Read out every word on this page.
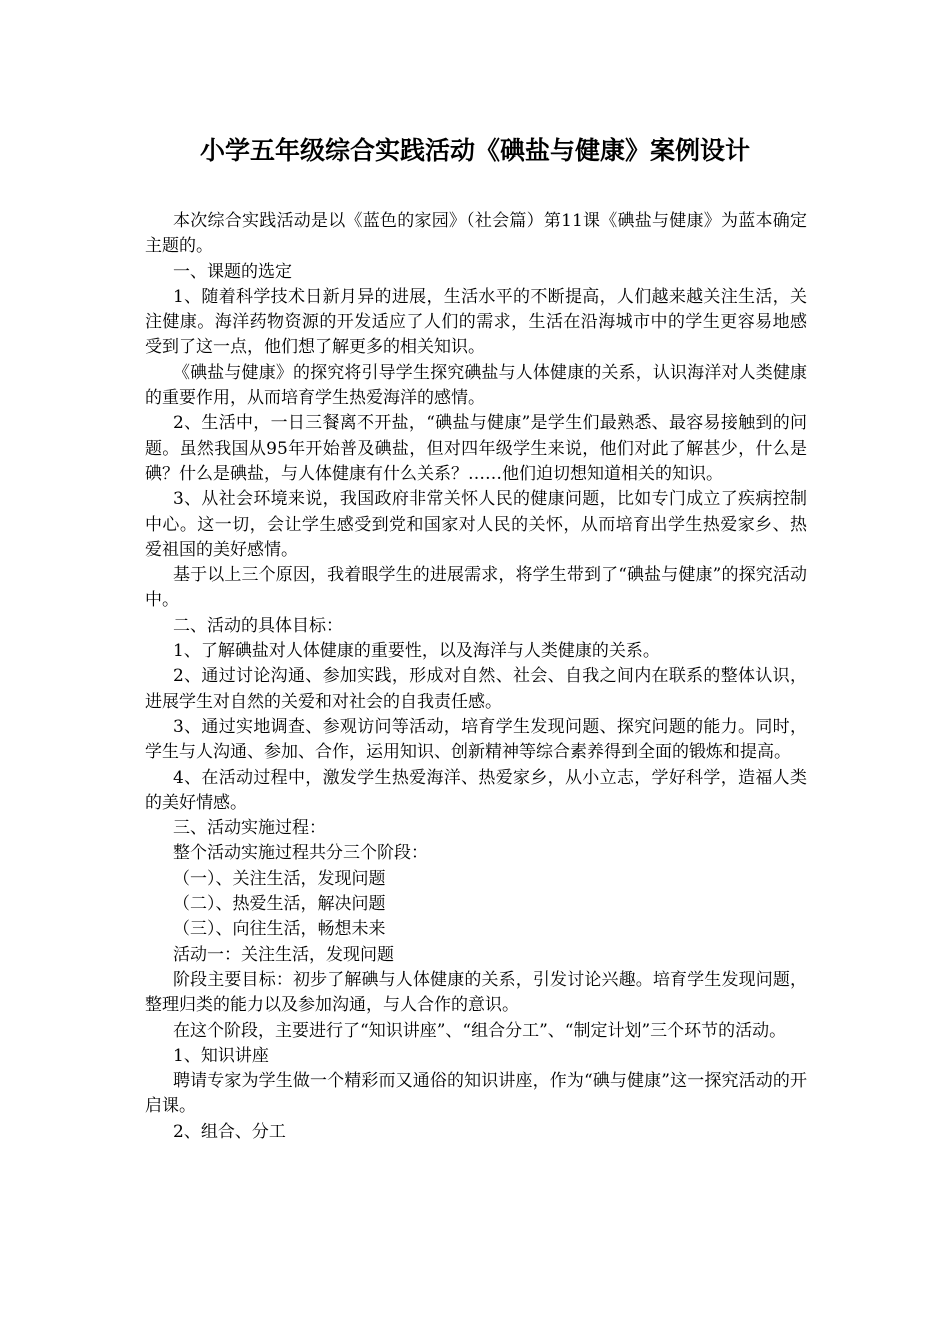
小学五年级综合实践活动《碘盐与健康》案例设计

本次综合实践活动是以《蓝色的家园》（社会篇）第11课《碘盐与健康》为蓝本确定主题的。

一、课题的选定

1、随着科学技术日新月异的进展，生活水平的不断提高，人们越来越关注生活，关注健康。海洋药物资源的开发适应了人们的需求，生活在沿海城市中的学生更容易地感受到了这一点，他们想了解更多的相关知识。

《碘盐与健康》的探究将引导学生探究碘盐与人体健康的关系，认识海洋对人类健康的重要作用，从而培育学生热爱海洋的感情。

2、生活中，一日三餐离不开盐，“碘盐与健康”是学生们最熟悉、最容易接触到的问题。虽然我国从95年开始普及碘盐，但对四年级学生来说，他们对此了解甚少，什么是碘？什么是碘盐，与人体健康有什么关系？……他们迫切想知道相关的知识。

3、从社会环境来说，我国政府非常关怀人民的健康问题，比如专门成立了疾病控制中心。这一切，会让学生感受到党和国家对人民的关怀，从而培育出学生热爱家乡、热爱祖国的美好感情。

基于以上三个原因，我着眼学生的进展需求，将学生带到了“碘盐与健康”的探究活动中。

二、活动的具体目标：

1、了解碘盐对人体健康的重要性，以及海洋与人类健康的关系。

2、通过讨论沟通、参加实践，形成对自然、社会、自我之间内在联系的整体认识，进展学生对自然的关爱和对社会的自我责任感。

3、通过实地调查、参观访问等活动，培育学生发现问题、探究问题的能力。同时，学生与人沟通、参加、合作，运用知识、创新精神等综合素养得到全面的锻炼和提高。

4、在活动过程中，激发学生热爱海洋、热爱家乡，从小立志，学好科学，造福人类的美好情感。

三、活动实施过程：

整个活动实施过程共分三个阶段：

（一）、关注生活，发现问题

（二）、热爱生活，解决问题

（三）、向往生活，畅想未来

活动一：关注生活，发现问题

阶段主要目标：初步了解碘与人体健康的关系，引发讨论兴趣。培育学生发现问题，整理归类的能力以及参加沟通，与人合作的意识。

在这个阶段，主要进行了“知识讲座”、“组合分工”、“制定计划”三个环节的活动。

1、知识讲座

聘请专家为学生做一个精彩而又通俗的知识讲座，作为“碘与健康”这一探究活动的开启课。

2、组合、分工
